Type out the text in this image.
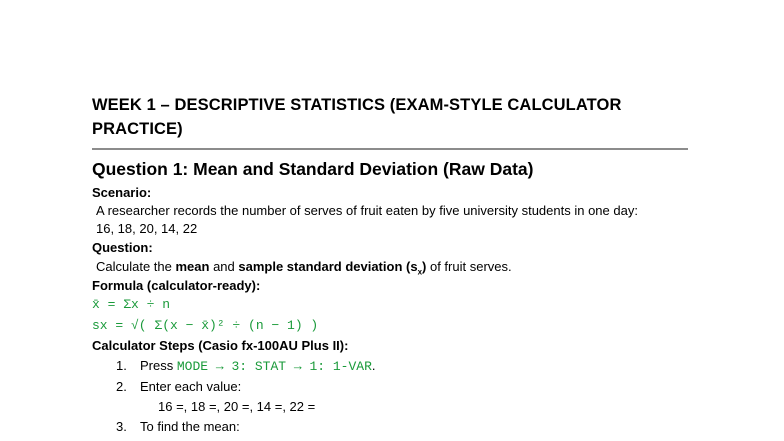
WEEK 1 – DESCRIPTIVE STATISTICS (EXAM-STYLE CALCULATOR PRACTICE)
Question 1: Mean and Standard Deviation (Raw Data)
Scenario:
A researcher records the number of serves of fruit eaten by five university students in one day:
16, 18, 20, 14, 22
Question:
Calculate the mean and sample standard deviation $(s_x)$ of fruit serves.
Formula (calculator-ready):
x̄ = Σx ÷ n
sx = √( Σ(x − x̄)² ÷ (n − 1) )
Calculator Steps (Casio fx-100AU Plus II):
1. Press MODE → 3: STAT → 1: 1-VAR.
2. Enter each value:
16 =, 18 =, 20 =, 14 =, 22 =
3. To find the mean:
